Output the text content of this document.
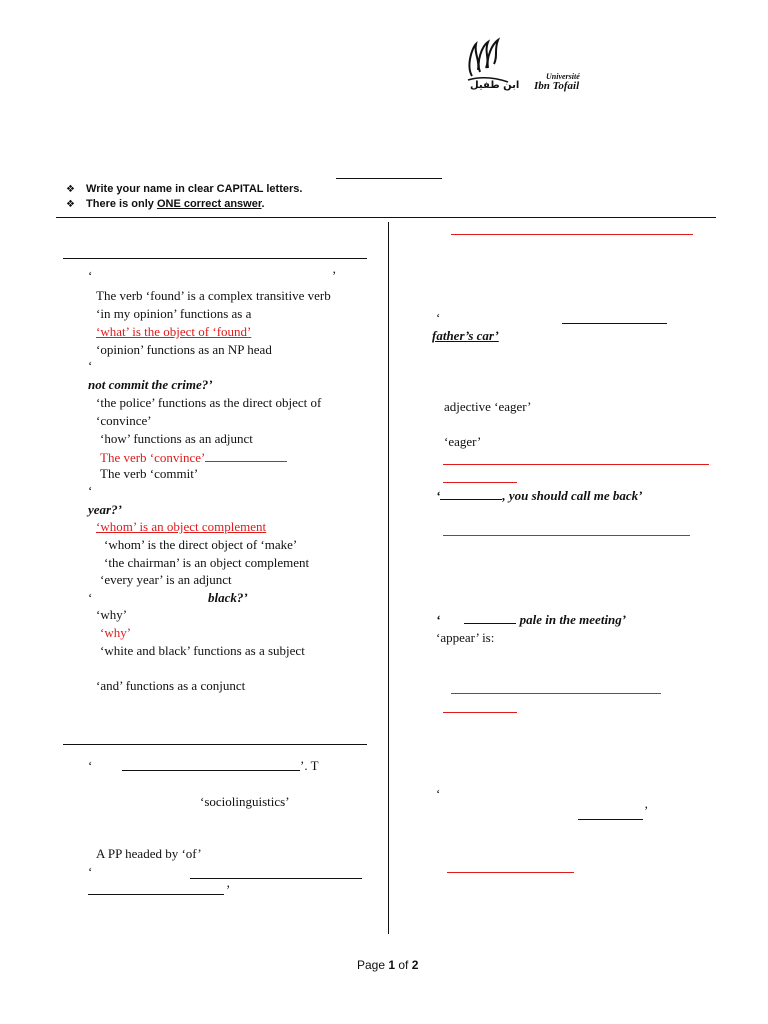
Université
ابن طفيل Ibn Tofail
❖ Write your name in clear CAPITAL letters.
❖ There is only ONE correct answer.
‘	’
The verb ‘found’ is a complex transitive verb
‘in my opinion’ functions as a
‘what’ is the object of ‘found’
‘opinion’ functions as an NP head
‘
not commit the crime?’
‘the police’ functions as the direct object of
‘convince’
‘how’ functions as an adjunct
The verb ‘convince’
The verb ‘commit’
‘
year?’
‘whom’ is an object complement
‘whom’ is the direct object of ‘make’
‘the chairman’ is an object complement
‘every year’ is an adjunct
‘	black?’
‘why’
‘why’
‘white and black’ functions as a subject
‘and’ functions as a conjunct
‘	’. T
‘sociolinguistics’
A PP headed by ‘of’
‘
’
‘
father’s car’
adjective ‘eager’
‘eager’
‘	, you should call me back’
‘	pale in the meeting’
‘appear’ is:
‘
’
Page 1 of 2
